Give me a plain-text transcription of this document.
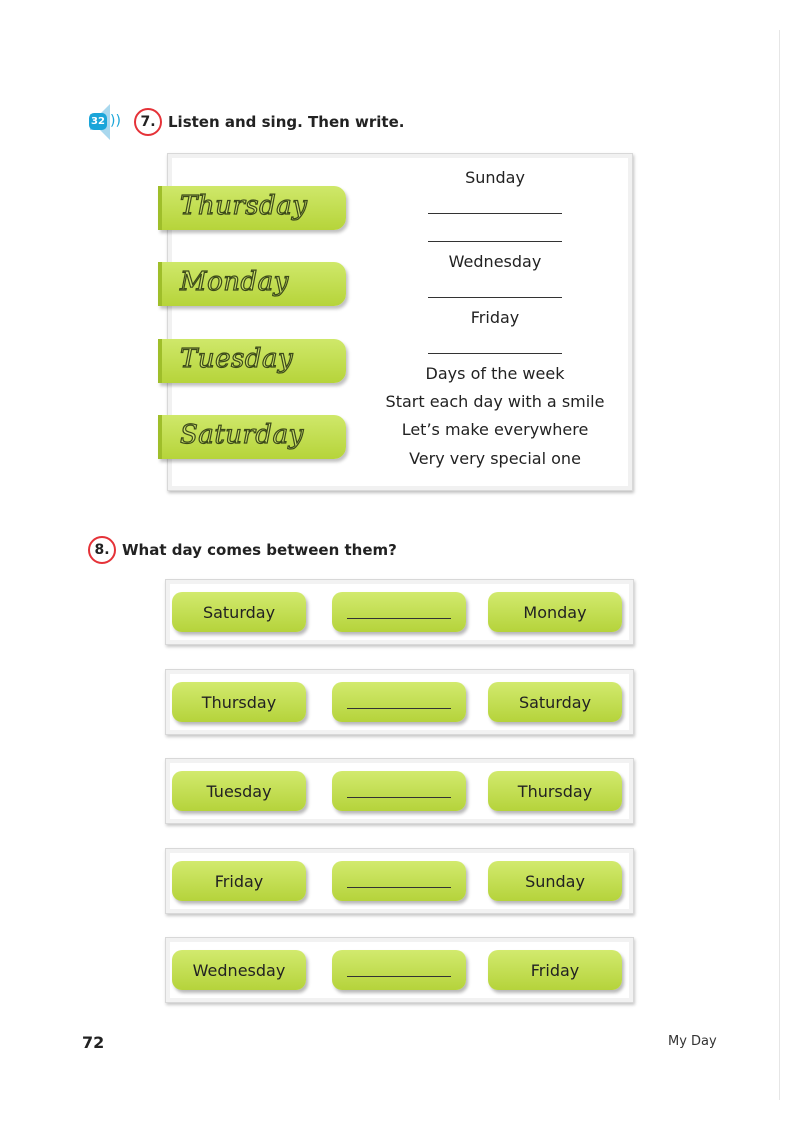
32 ))	7. Listen and sing. Then write.
Thursday
Monday
Tuesday
Saturday
Sunday
Wednesday
Friday
Days of the week
Start each day with a smile
Let’s make everywhere
Very very special one
8. What day comes between them?
Saturday	Monday
Thursday	Saturday
Tuesday	Thursday
Friday	Sunday
Wednesday	Friday
72	My Day
